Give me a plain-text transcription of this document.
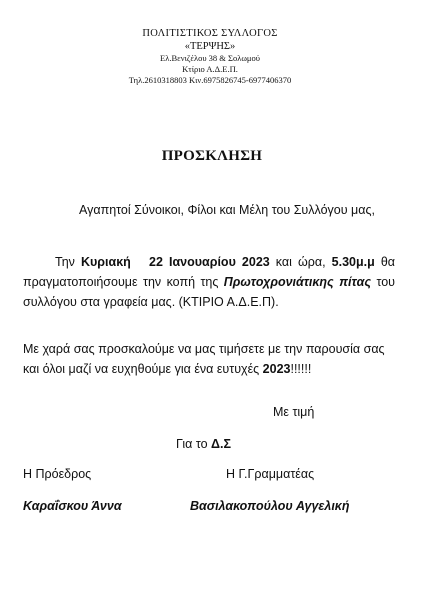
ΠΟΛΙΤΙΣΤΙΚΟΣ ΣΥΛΛΟΓΟΣ
«ΤΕΡΨΗΣ»
Ελ.Βενιζέλου 38 & Σολωμού
Κτίριο Α.Δ.Ε.Π.
Τηλ.2610318803 Κιν.6975826745-6977406370
ΠΡΟΣΚΛΗΣΗ
Αγαπητοί Σύνοικοι, Φίλοι και Μέλη του Συλλόγου μας,
Την Κυριακή 22 Ιανουαρίου 2023 και ώρα, 5.30μ.μ θα πραγματοποιήσουμε την κοπή της Πρωτοχρονιάτικης πίτας του συλλόγου στα γραφεία μας. (ΚΤΙΡΙΟ Α.Δ.Ε.Π).
Με χαρά σας προσκαλούμε να μας τιμήσετε με την παρουσία σας και όλοι μαζί να ευχηθούμε για ένα ευτυχές 2023!!!!!!
Με τιμή
Για το Δ.Σ
Η Πρόεδρος	Η Γ.Γραμματέας
Καραΐσκου Άννα	Βασιλακοπούλου Αγγελική
